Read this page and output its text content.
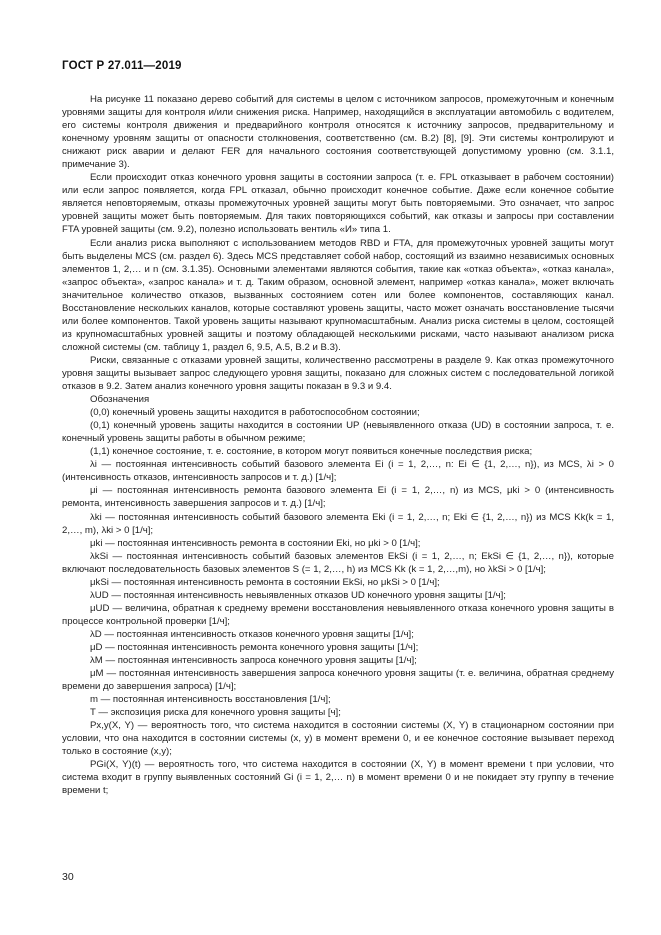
ГОСТ Р 27.011—2019

На рисунке 11 показано дерево событий для системы в целом с источником запросов, промежуточным и конечным уровнями защиты для контроля и/или снижения риска. Например, находящийся в эксплуатации автомобиль с водителем, его системы контроля движения и предварийного контроля относятся к источнику запросов, предварительному и конечному уровням защиты от опасности столкновения, соответственно (см. В.2) [8], [9]. Эти системы контролируют и снижают риск аварии и делают FER для начального состояния соответствующей допустимому уровню (см. 3.1.1, примечание 3).

Если происходит отказ конечного уровня защиты в состоянии запроса (т. е. FPL отказывает в рабочем состоянии) или если запрос появляется, когда FPL отказал, обычно происходит конечное событие. Даже если конечное событие является неповторяемым, отказы промежуточных уровней защиты могут быть повторяемыми. Это означает, что запрос уровней защиты может быть повторяемым. Для таких повторяющихся событий, как отказы и запросы при составлении FTA уровней защиты (см. 9.2), полезно использовать вентиль «И» типа 1.

Если анализ риска выполняют с использованием методов RBD и FTA, для промежуточных уровней защиты могут быть выделены MCS (см. раздел 6). Здесь MCS представляет собой набор, состоящий из взаимно независимых основных элементов 1, 2,… и n (см. 3.1.35). Основными элементами являются события, такие как «отказ объекта», «отказ канала», «запрос объекта», «запрос канала» и т. д. Таким образом, основной элемент, например «отказ канала», может включать значительное количество отказов, вызванных состоянием сотен или более компонентов, составляющих канал. Восстановление нескольких каналов, которые составляют уровень защиты, часто может означать восстановление тысячи или более компонентов. Такой уровень защиты называют крупномасштабным. Анализ риска системы в целом, состоящей из крупномасштабных уровней защиты и поэтому обладающей несколькими рисками, часто называют анализом риска сложной системы (см. таблицу 1, раздел 6, 9.5, А.5, В.2 и В.3).

Риски, связанные с отказами уровней защиты, количественно рассмотрены в разделе 9. Как отказ промежуточного уровня защиты вызывает запрос следующего уровня защиты, показано для сложных систем с последовательной логикой отказов в 9.2. Затем анализ конечного уровня защиты показан в 9.3 и 9.4.

Обозначения

(0,0) конечный уровень защиты находится в работоспособном состоянии;

(0,1) конечный уровень защиты находится в состоянии UP (невыявленного отказа (UD) в состоянии запроса, т. е. конечный уровень защиты работы в обычном режиме;

(1,1) конечное состояние, т. е. состояние, в котором могут появиться конечные последствия риска;

λi — постоянная интенсивность событий базового элемента Ei (i = 1, 2,…, n: Ei ∈ {1, 2,…, n}), из MCS, λi > 0 (интенсивность отказов, интенсивность запросов и т. д.) [1/ч];

μi — постоянная интенсивность ремонта базового элемента Ei (i = 1, 2,…, n) из MCS, μki > 0 (интенсивность ремонта, интенсивность завершения запросов и т. д.) [1/ч];

λki — постоянная интенсивность событий базового элемента Eki (i = 1, 2,…, n; Eki ∈ {1, 2,…, n}) из MCS Kk(k = 1, 2,…, m), λki > 0 [1/ч];

μki — постоянная интенсивность ремонта в состоянии Eki, но μki > 0 [1/ч];

λkSi — постоянная интенсивность событий базовых элементов EkSi (i = 1, 2,…, n; EkSi ∈ {1, 2,…, n}), которые включают последовательность базовых элементов S (= 1, 2,…, h) из MCS Kk (k = 1, 2,…,m), но λkSi > 0 [1/ч];

μkSi — постоянная интенсивность ремонта в состоянии EkSi, но μkSi > 0 [1/ч];

λUD — постоянная интенсивность невыявленных отказов UD конечного уровня защиты [1/ч];

μUD — величина, обратная к среднему времени восстановления невыявленного отказа конечного уровня защиты в процессе контрольной проверки [1/ч];

λD — постоянная интенсивность отказов конечного уровня защиты [1/ч];

μD — постоянная интенсивность ремонта конечного уровня защиты [1/ч];

λM — постоянная интенсивность запроса конечного уровня защиты [1/ч];

μM — постоянная интенсивность завершения запроса конечного уровня защиты (т. е. величина, обратная среднему времени до завершения запроса) [1/ч];

m — постоянная интенсивность восстановления [1/ч];

T — экспозиция риска для конечного уровня защиты [ч];

Px,y(X, Y) — вероятность того, что система находится в состоянии системы (X, Y) в стационарном состоянии при условии, что она находится в состоянии системы (x, y) в момент времени 0, и ее конечное состояние вызывает переход только в состояние (x,y);

PGi(X, Y)(t) — вероятность того, что система находится в состоянии (X, Y) в момент времени t при условии, что система входит в группу выявленных состояний Gi (i = 1, 2,… n) в момент времени 0 и не покидает эту группу в течение времени t;

30
